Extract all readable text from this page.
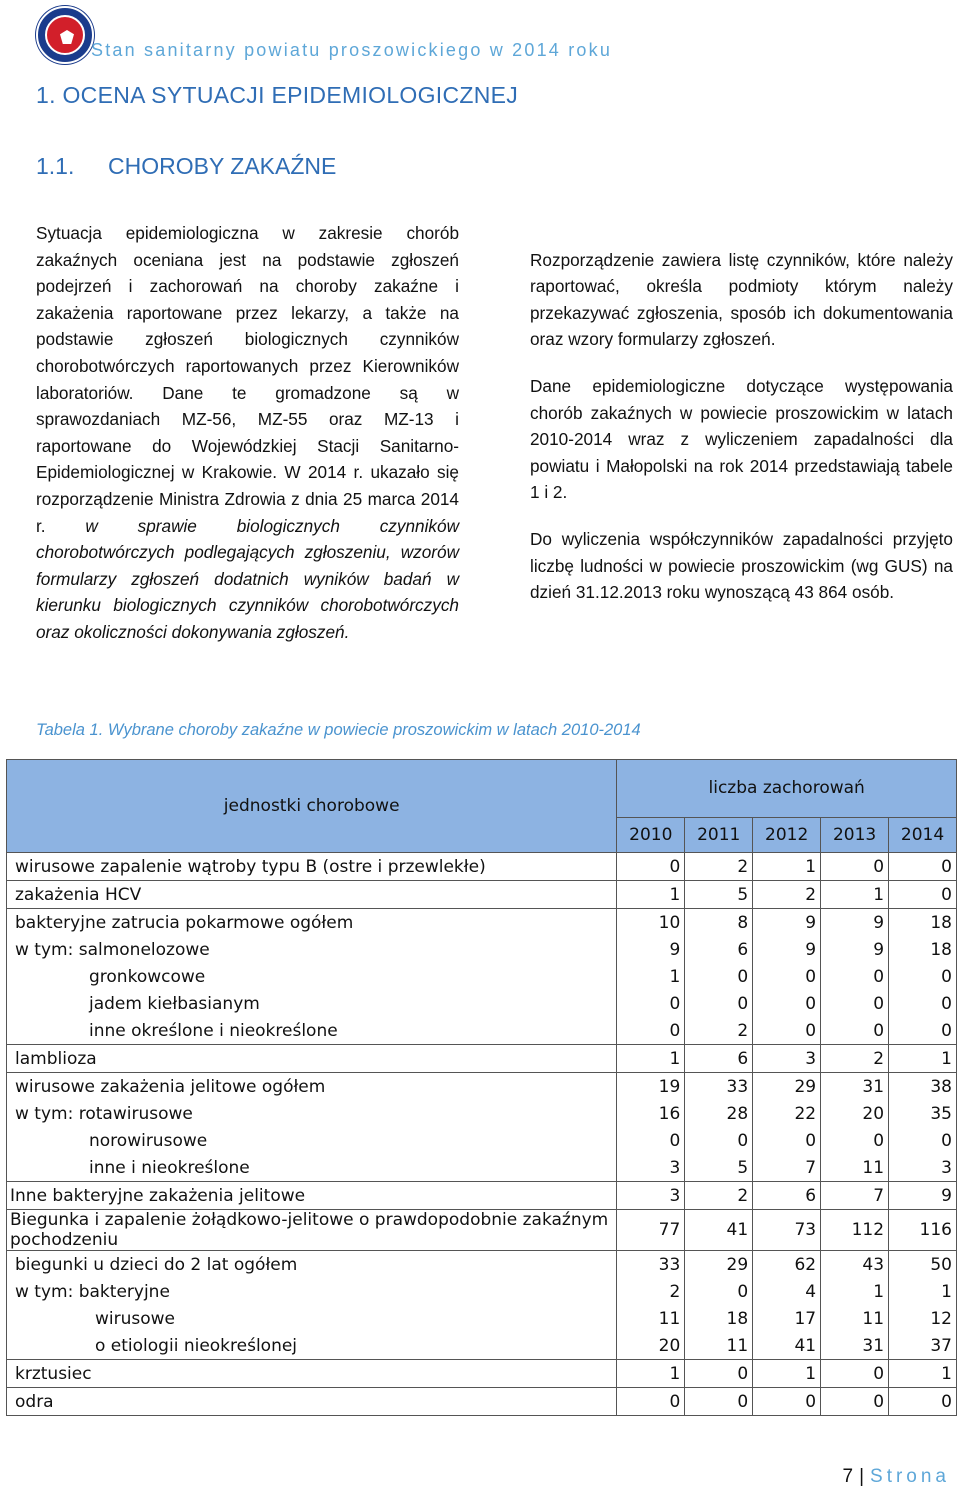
Stan sanitarny powiatu proszowickiego w 2014 roku
1. OCENA SYTUACJI EPIDEMIOLOGICZNEJ
1.1. CHOROBY ZAKAŹNE

Sytuacja epidemiologiczna w zakresie chorób zakaźnych oceniana jest na podstawie zgłoszeń podejrzeń i zachorowań na choroby zakaźne i zakażenia raportowane przez lekarzy, a także na podstawie zgłoszeń biologicznych czynników chorobotwórczych raportowanych przez Kierowników laboratoriów. Dane te gromadzone są w sprawozdaniach MZ-56, MZ-55 oraz MZ-13 i raportowane do Wojewódzkiej Stacji Sanitarno-Epidemiologicznej w Krakowie. W 2014 r. ukazało się rozporządzenie Ministra Zdrowia z dnia 25 marca 2014 r. w sprawie biologicznych czynników chorobotwórczych podlegających zgłoszeniu, wzorów formularzy zgłoszeń dodatnich wyników badań w kierunku biologicznych czynników chorobotwórczych oraz okoliczności dokonywania zgłoszeń.

Rozporządzenie zawiera listę czynników, które należy raportować, określa podmioty którym należy przekazywać zgłoszenia, sposób ich dokumentowania oraz wzory formularzy zgłoszeń.

Dane epidemiologiczne dotyczące występowania chorób zakaźnych w powiecie proszowickim w latach 2010-2014 wraz z wyliczeniem zapadalności dla powiatu i Małopolski na rok 2014 przedstawiają tabele 1 i 2.

Do wyliczenia współczynników zapadalności przyjęto liczbę ludności w powiecie proszowickim (wg GUS) na dzień 31.12.2013 roku wynoszącą 43 864 osób.

Tabela 1. Wybrane choroby zakaźne w powiecie proszowickim w latach 2010-2014
jednostki chorobowe	liczba zachorowań				
	2010	2011	2012	2013	2014
wirusowe zapalenie wątroby typu B (ostre i przewlekłe)	0	2	1	0	0
zakażenia HCV	1	5	2	1	0
bakteryjne zatrucia pokarmowe ogółem	10	8	9	9	18
w tym: salmonelozowe	9	6	9	9	18
gronkowcowe	1	0	0	0	0
jadem kiełbasianym	0	0	0	0	0
inne określone i nieokreślone	0	2	0	0	0
lamblioza	1	6	3	2	1
wirusowe zakażenia jelitowe ogółem	19	33	29	31	38
w tym: rotawirusowe	16	28	22	20	35
norowirusowe	0	0	0	0	0
inne i nieokreślone	3	5	7	11	3
Inne bakteryjne zakażenia jelitowe	3	2	6	7	9
Biegunka i zapalenie żołądkowo-jelitowe o prawdopodobnie zakaźnym pochodzeniu	77	41	73	112	116
biegunki u dzieci do 2 lat ogółem	33	29	62	43	50
w tym: bakteryjne	2	0	4	1	1
wirusowe	11	18	17	11	12
o etiologii nieokreślonej	20	11	41	31	37
krztusiec	1	0	1	0	1
odra	0	0	0	0	0
7 | Strona
